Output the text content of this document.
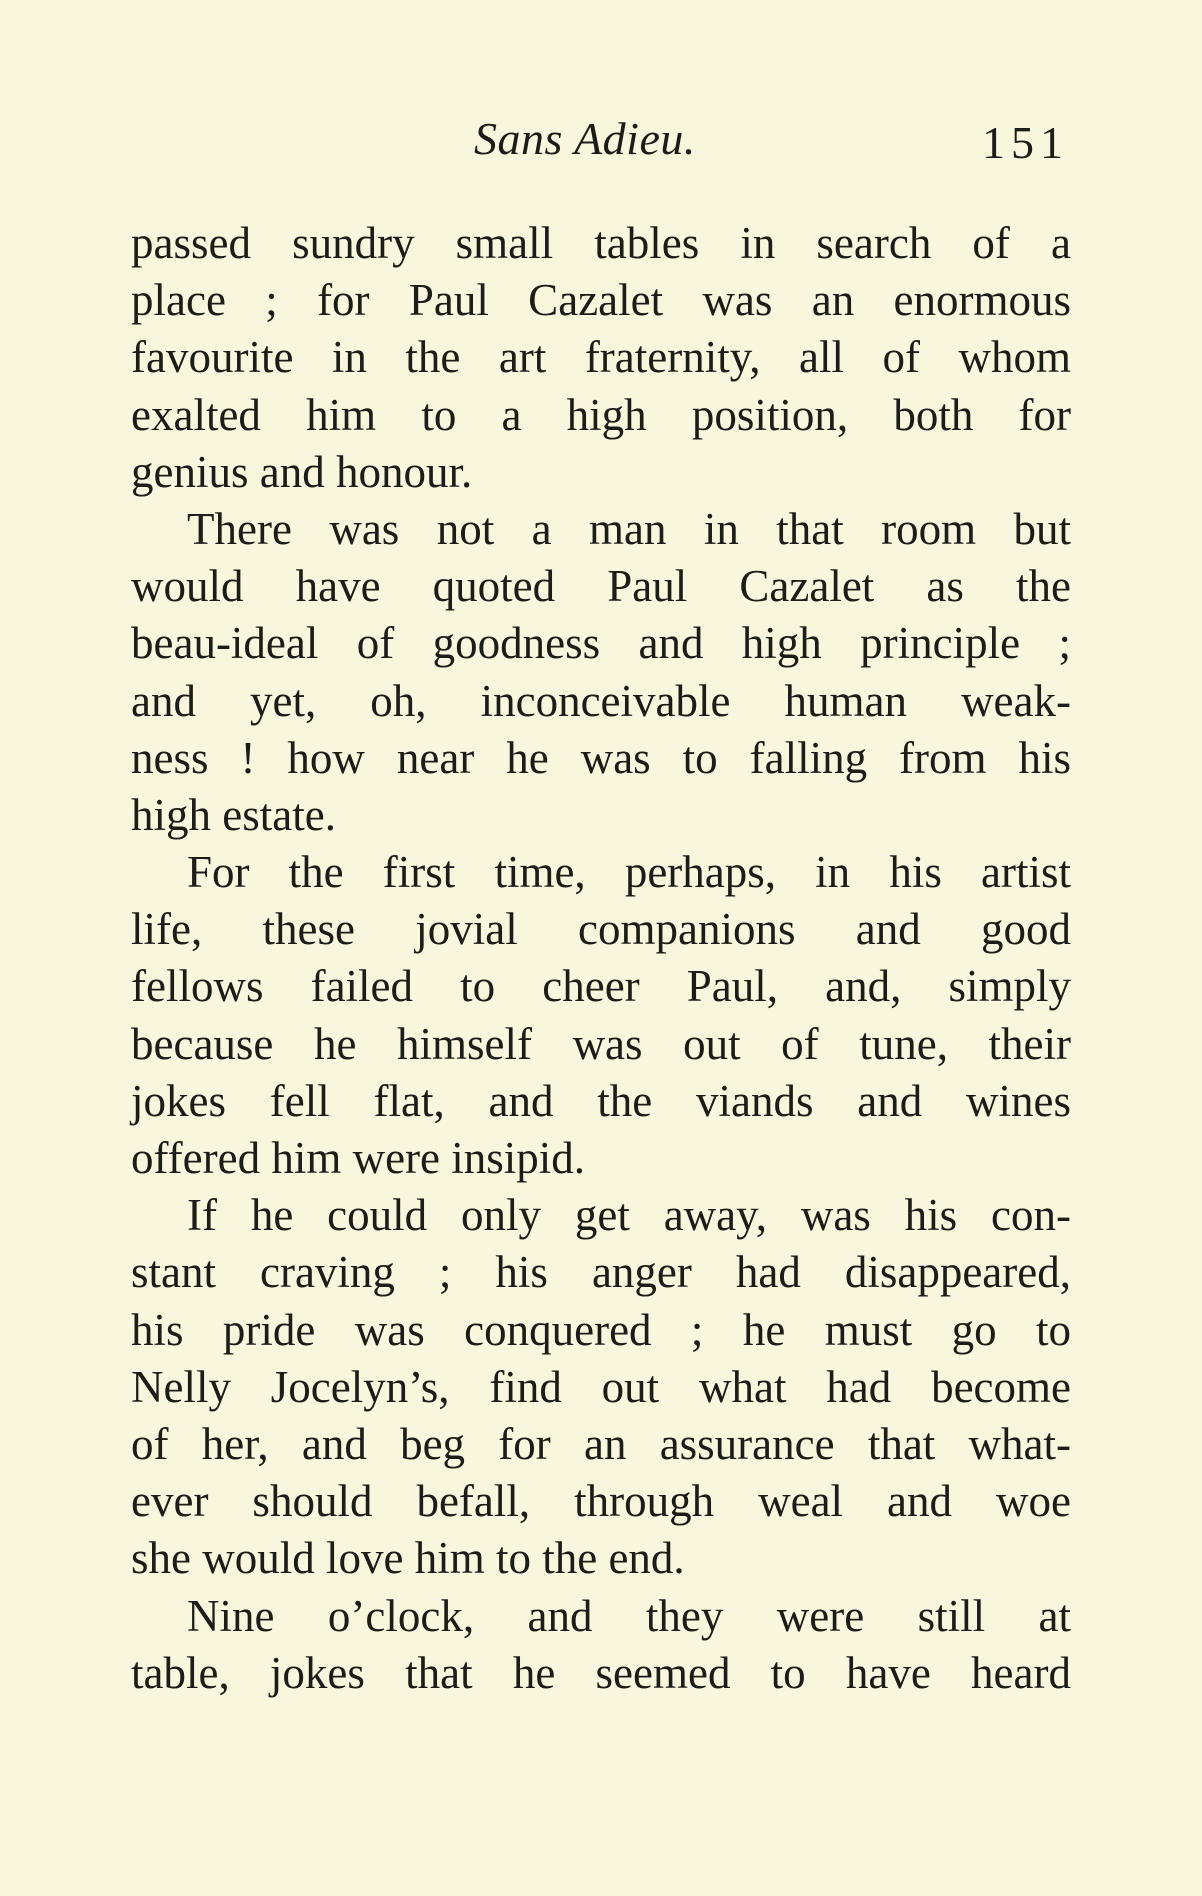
Sans Adieu.	151
passed sundry small tables in search of a
place ; for Paul Cazalet was an enormous
favourite in the art fraternity, all of whom
exalted him to a high position, both for
genius and honour.
There was not a man in that room but
would have quoted Paul Cazalet as the
beau-ideal of goodness and high principle ;
and yet, oh, inconceivable human weak-
ness ! how near he was to falling from his
high estate.
For the first time, perhaps, in his artist
life, these jovial companions and good
fellows failed to cheer Paul, and, simply
because he himself was out of tune, their
jokes fell flat, and the viands and wines
offered him were insipid.
If he could only get away, was his con-
stant craving ; his anger had disappeared,
his pride was conquered ; he must go to
Nelly Jocelyn’s, find out what had become
of her, and beg for an assurance that what-
ever should befall, through weal and woe
she would love him to the end.
Nine o’clock, and they were still at
table, jokes that he seemed to have heard
